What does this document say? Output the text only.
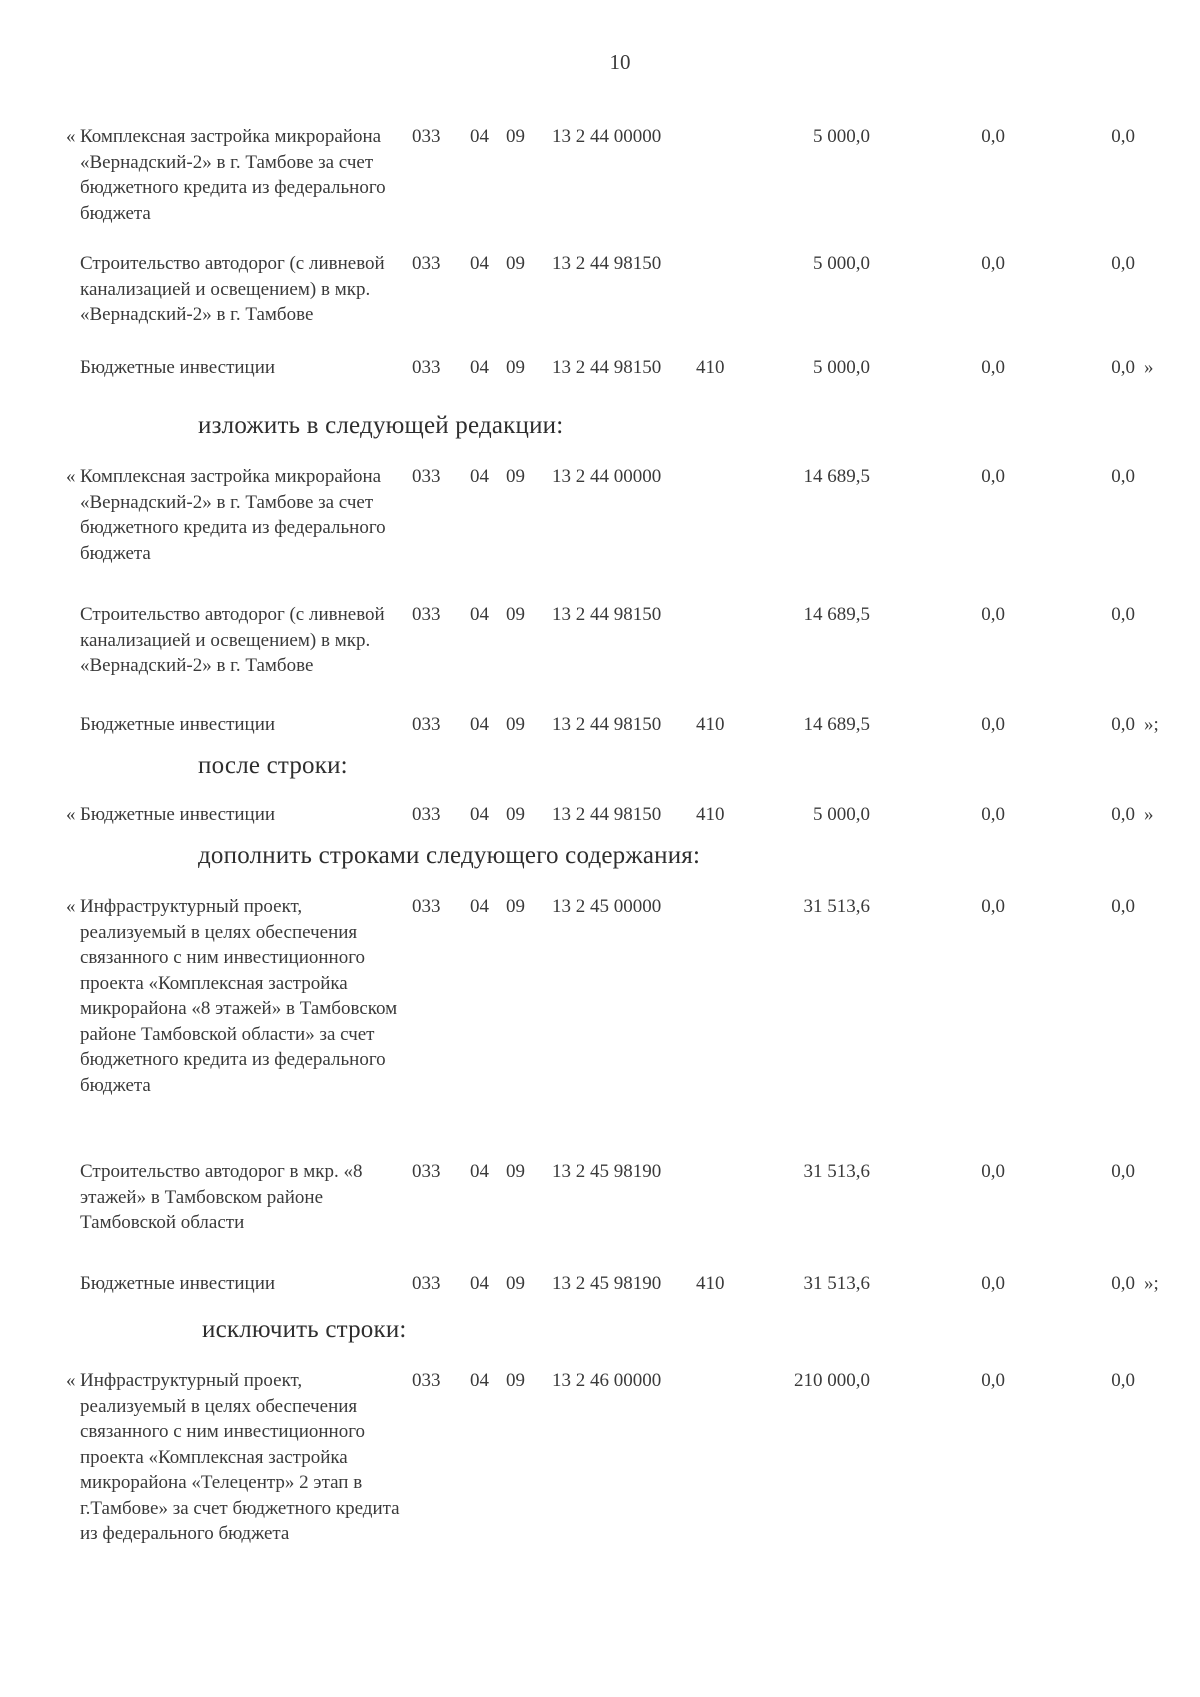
10
« Комплексная застройка микрорайона «Вернадский-2» в г. Тамбове за счет бюджетного кредита из федерального бюджета
033 04 09 13 2 44 00000	5 000,0	0,0	0,0
Строительство автодорог (с ливневой канализацией и освещением) в мкр. «Вернадский-2» в г. Тамбове
033 04 09 13 2 44 98150	5 000,0	0,0	0,0
Бюджетные инвестиции	033 04 09 13 2 44 98150 410	5 000,0	0,0	0,0 »
изложить в следующей редакции:
« Комплексная застройка микрорайона «Вернадский-2» в г. Тамбове за счет бюджетного кредита из федерального бюджета
033 04 09 13 2 44 00000	14 689,5	0,0	0,0
Строительство автодорог (с ливневой канализацией и освещением) в мкр. «Вернадский-2» в г. Тамбове
033 04 09 13 2 44 98150	14 689,5	0,0	0,0
Бюджетные инвестиции	033 04 09 13 2 44 98150 410	14 689,5	0,0	0,0 »;
после строки:
« Бюджетные инвестиции	033 04 09 13 2 44 98150 410	5 000,0	0,0	0,0 »
дополнить строками следующего содержания:
« Инфраструктурный проект, реализуемый в целях обеспечения связанного с ним инвестиционного проекта «Комплексная застройка микрорайона «8 этажей» в Тамбовском районе Тамбовской области» за счет бюджетного кредита из федерального бюджета
033 04 09 13 2 45 00000	31 513,6	0,0	0,0
Строительство автодорог в мкр. «8 этажей» в Тамбовском районе Тамбовской области
033 04 09 13 2 45 98190	31 513,6	0,0	0,0
Бюджетные инвестиции	033 04 09 13 2 45 98190 410	31 513,6	0,0	0,0 »;
исключить строки:
« Инфраструктурный проект, реализуемый в целях обеспечения связанного с ним инвестиционного проекта «Комплексная застройка микрорайона «Телецентр» 2 этап в г.Тамбове» за счет бюджетного кредита из федерального бюджета
033 04 09 13 2 46 00000	210 000,0	0,0	0,0
